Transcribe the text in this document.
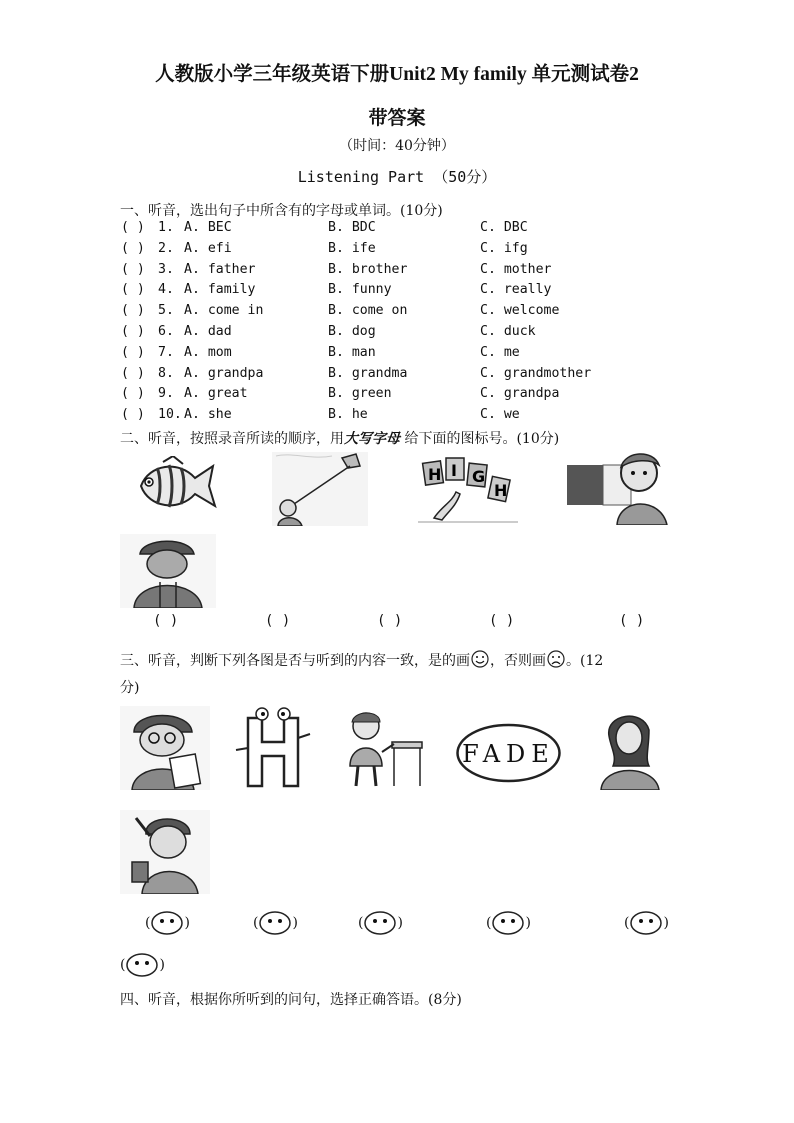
人教版小学三年级英语下册Unit2 My family 单元测试卷2
带答案
（时间：40分钟）
Listening Part （50分）
一、听音，选出句子中所含有的字母或单词。(10分)
( ) 1. A. BEC	B. BDC	C. DBC
( ) 2. A. efi	B. ife	C. ifg
( ) 3. A. father	B. brother	C. mother
( ) 4. A. family	B. funny	C. really
( ) 5. A. come in	B. come on	C. welcome
( ) 6. A. dad	B. dog	C. duck
( ) 7. A. mom	B. man	C. me
( ) 8. A. grandpa	B. grandma	C. grandmother
( ) 9. A. great	B. green	C. grandpa
( ) 10. A. she	B. he	C. we
二、听音，按照录音所读的顺序，用大写字母 给下面的图标号。(10分)
H I G
H
( )	( )	( )	( )	( )
三、听音，判断下列各图是否与听到的内容一致，是的画 ，否则画 。(12
分)
FADE
( )	( )	( )	( )	( )
( )
四、听音，根据你所听到的问句，选择正确答语。(8分)
